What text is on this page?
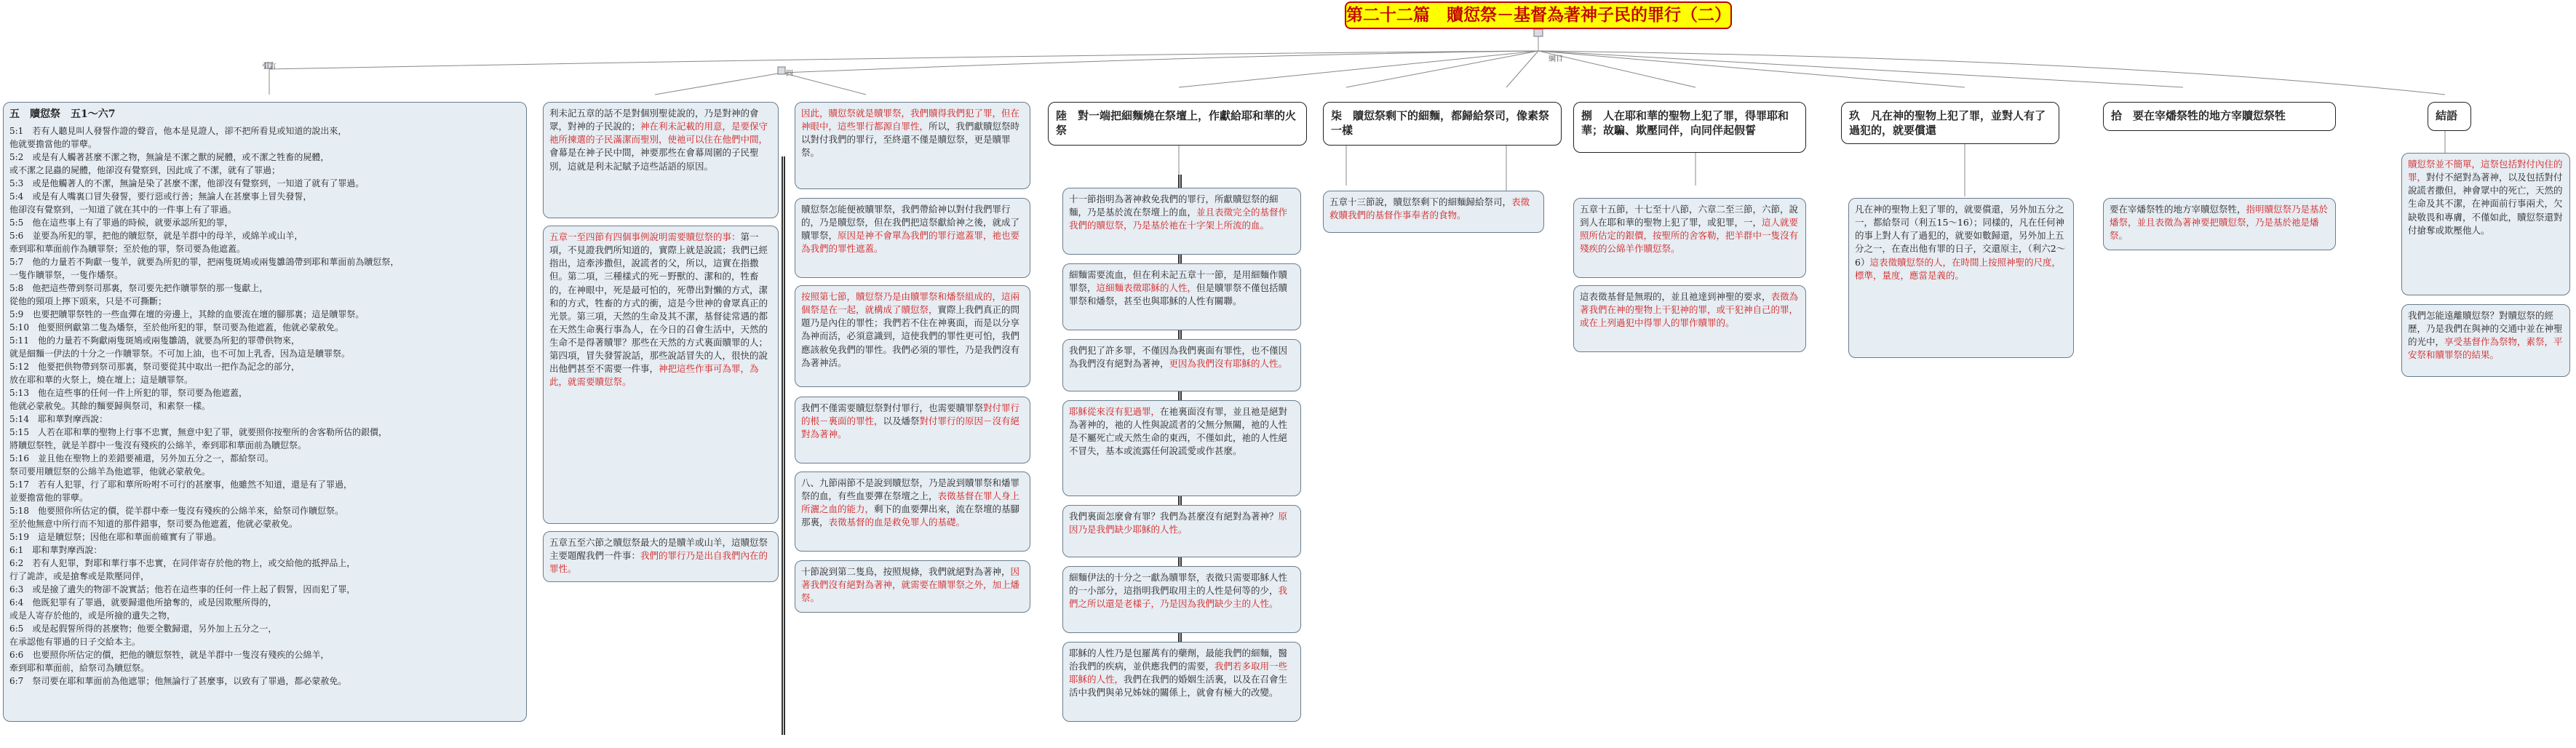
第二十二篇　贖愆祭－基督為著神子民的罪行（二）
引言
綱目
四
五　贖愆祭　五1～六7
5:1　若有人聽見叫人發誓作證的聲音，他本是見證人，卻不把所看見或知道的說出來，
他就要擔當他的罪孽。
5:2　或是有人觸著甚麼不潔之物，無論是不潔之獸的屍體，或不潔之牲畜的屍體，
或不潔之昆蟲的屍體，他卻沒有覺察到，因此成了不潔，就有了罪過；
5:3　或是他觸著人的不潔，無論是染了甚麼不潔，他卻沒有覺察到，一知道了就有了罪過。
5:4　或是有人嘴裏口冒失發誓，要行惡或行善；無論人在甚麼事上冒失發誓，
他卻沒有覺察到，一知道了就在其中的一件事上有了罪過。
5:5　他在這些事上有了罪過的時候，就要承認所犯的罪，
5:6　並要為所犯的罪，把他的贖愆祭，就是羊群中的母羊，或綿羊或山羊，
牽到耶和華面前作為贖罪祭；至於他的罪，祭司要為他遮蓋。
5:7　他的力量若不夠獻一隻羊，就要為所犯的罪，把兩隻斑鳩或兩隻雛鴿帶到耶和華面前為贖愆祭，
一隻作贖罪祭，一隻作燔祭。
5:8　他把這些帶到祭司那裏，祭司要先把作贖罪祭的那一隻獻上，
從他的頸項上擰下頭來，只是不可撕斷；
5:9　也要把贖罪祭牲的一些血彈在壇的旁邊上，其餘的血要流在壇的腳那裏；這是贖罪祭。
5:10　他要照例獻第二隻為燔祭，至於他所犯的罪，祭司要為他遮蓋，他就必蒙赦免。
5:11　他的力量若不夠獻兩隻斑鳩或兩隻雛鴿，就要為所犯的罪帶供物來，
就是細麵一伊法的十分之一作贖罪祭。不可加上油，也不可加上乳香，因為這是贖罪祭。
5:12　他要把供物帶到祭司那裏，祭司要從其中取出一把作為記念的部分，
放在耶和華的火祭上，燒在壇上；這是贖罪祭。
5:13　他在這些事的任何一件上所犯的罪，祭司要為他遮蓋，
他就必蒙赦免。其餘的麵要歸與祭司，和素祭一樣。
5:14　耶和華對摩西說：
5:15　人若在耶和華的聖物上行事不忠實，無意中犯了罪，就要照你按聖所的舍客勒所估的銀價，
將贖愆祭牲，就是羊群中一隻沒有殘疾的公綿羊，牽到耶和華面前為贖愆祭。
5:16　並且他在聖物上的差錯要補還，另外加五分之一，都給祭司。
祭司要用贖愆祭的公綿羊為他遮罪，他就必蒙赦免。
5:17　若有人犯罪，行了耶和華所吩咐不可行的甚麼事，他雖然不知道，還是有了罪過，
並要擔當他的罪孽。
5:18　他要照你所估定的價，從羊群中牽一隻沒有殘疾的公綿羊來，給祭司作贖愆祭。
至於他無意中所行而不知道的那件錯事，祭司要為他遮蓋，他就必蒙赦免。
5:19　這是贖愆祭；因他在耶和華面前確實有了罪過。
6:1　耶和華對摩西說：
6:2　若有人犯罪，對耶和華行事不忠實，在同伴寄存於他的物上，或交給他的抵押品上，
行了詭詐，或是搶奪或是欺壓同伴，
6:3　或是撿了遺失的物卻不說實話；他若在這些事的任何一件上起了假誓，因而犯了罪，
6:4　他既犯罪有了罪過，就要歸還他所搶奪的，或是因欺壓所得的，
或是人寄存於他的，或是所撿的遺失之物，
6:5　或是起假誓所得的甚麼物；他要全數歸還，另外加上五分之一，
在承認他有罪過的日子交給本主。
6:6　也要照你所估定的價，把他的贖愆祭牲，就是羊群中一隻沒有殘疾的公綿羊，
牽到耶和華面前，給祭司為贖愆祭。
6:7　祭司要在耶和華面前為他遮罪；他無論行了甚麼事，以致有了罪過，都必蒙赦免。
陸　對一端把細麵燒在祭壇上，作獻給耶和華的火祭
柒　贖愆祭剩下的細麵，都歸給祭司，像素祭一樣
捌　人在耶和華的聖物上犯了罪，得罪耶和華；故騙、欺壓同伴，向同伴起假誓
玖　凡在神的聖物上犯了罪，並對人有了過犯的，就要償還
拾　要在宰燔祭牲的地方宰贖愆祭牲	結語
利未記五章的話不是對個別聖徒說的，乃是對神的會眾，對神的子民說的；神在利未記載的用意，是要保守祂所揀選的子民滿潔而聖別，使祂可以住在他們中間，會幕是在神子民中間，神要那些在會幕周圍的子民聖別，這就是利未記賦予這些話語的原因。
五章一至四節有四個事例說明需要贖愆祭的事：第一項，不見證我們所知道的，實際上就是說謊；我們已經指出，這牽涉撒但，說謊者的父，所以，這實在指撒但。第二項，三種樣式的死－野獸的、潔和的，牲畜的，在神眼中，死是最可怕的，死帶出對懶的方式，潔和的方式，牲畜的方式的衝，這是今世神的會眾真正的光景。第三項，天然的生命及其不潔，基督徒常遇的都在天然生命裏行事為人，在今日的召會生活中，天然的生命不是得著贖罪？那些在天然的方式裏面贖罪的人；第四項，冒失發誓說話，那些說話冒失的人，很快的說出他們甚至不需要一件事，神把這些作事可為罪，為此，就需要贖愆祭。
五章五至六節之贖愆祭最大的是贖羊或山羊，這贖愆祭主要題醒我們一件事：我們的罪行乃是出自我們內在的罪性。
因此，贖愆祭就是贖罪祭，我們贖得我們犯了罪，但在神眼中，這些罪行都源自罪性，所以，我們獻贖愆祭時以對付我們的罪行，至終還不僅是贖愆祭，更是贖罪祭。
贖愆祭怎能便被贖罪祭，我們帶給神以對付我們罪行的，乃是贖愆祭，但在我們把這祭獻給神之後，就成了贖罪祭，原因是神不會單為我們的罪行遮蓋罪，祂也要為我們的罪性遮蓋。
按照第七節，贖愆祭乃是由贖罪祭和燔祭組成的，這兩個祭是在一起，就構成了贖愆祭，實際上我們真正的問題乃是內住的罪性；我們若不住在神裏面，而是以分享為神而活，必須意識到，這使我們的罪性更可怕，我們應該赦免我們的罪性。我們必須的罪性，乃是我們沒有為著神活。
我們不僅需要贖愆祭對付罪行，也需要贖罪祭對付罪行的根－裏面的罪性，以及燔祭對付罪行的原因－沒有絕對為著神。
八、九節兩節不是說到贖愆祭，乃是說到贖罪祭和燔罪祭的血，有些血要彈在祭壇之上，表徵基督在罪人身上所灑之血的能力，剩下的血要彈出來，流在祭壇的基腳那裏，表徵基督的血是救免罪人的基礎。
十節說到第二隻鳥，按照規條，我們就絕對為著神，因著我們沒有絕對為著神，就需要在贖罪祭之外，加上燔祭。
十一節指明為著神救免我們的罪行，所獻贖愆祭的細麵，乃是基於流在祭壇上的血，並且表徵完全的基督作我們的贖愆祭，乃是基於祂在十字架上所流的血。
細麵需要流血，但在利未記五章十一節，是用細麵作贖罪祭，這細麵表徵耶穌的人性，但是贖罪祭不僅包括贖罪祭和燔祭，甚至也與耶穌的人性有關聯。
我們犯了許多罪，不僅因為我們裏面有罪性，也不僅因為我們沒有絕對為著神，更因為我們沒有耶穌的人性。
耶穌從來沒有犯過罪，在祂裏面沒有罪，並且祂是絕對為著神的，祂的人性與說謊者的父無分無關，祂的人性是不屬死亡或天然生命的東西，不僅如此，祂的人性絕不冒失，基本或流露任何說謊愛或作甚麼。
我們裏面怎麼會有罪？我們為甚麼沒有絕對為著神？原因乃是我們缺少耶穌的人性。
細麵伊法的十分之一獻為贖罪祭，表徵只需要耶穌人性的一小部分，這指明我們取用主的人性是何等的少，我們之所以還是老樣子，乃是因為我們缺少主的人性。
耶穌的人性乃是包羅萬有的藥劑，最能我們的細麵，醫治我們的疾病，並供應我們的需要，我們若多取用一些耶穌的人性，我們在我們的婚姻生活裏，以及在召會生活中我們與弟兄姊妹的關係上，就會有極大的改變。
五章十三節說，贖愆祭剩下的細麵歸給祭司，表徵救贖我們的基督作事奉者的食物。
五章十五節，十七至十八節，六章二至三節，六節，說到人在耶和華的聖物上犯了罪，或犯罪，一，這人就要照所估定的銀價，按聖所的舍客勒，把羊群中一隻沒有殘疾的公綿羊作贖愆祭。
這表徵基督是無瑕的，並且祂達到神聖的要求，表徵為著我們在神的聖物上干犯神的罪，或干犯神自己的罪，或在上列過犯中得罪人的罪作贖罪的。
凡在神的聖物上犯了罪的，就要償還，另外加五分之一，都給祭司（利五15～16）；同樣的，凡在任何神的事上對人有了過犯的，就要如數歸還，另外加上五分之一，在查出他有罪的日子，交還原主，（利六2～6）這表徵贖愆祭的人，在時間上按照神聖的尺度，標準，量度，應當是義的。
要在宰燔祭牲的地方宰贖愆祭牲，指明贖愆祭乃是基於燔祭，並且表徵為著神要把贖愆祭，乃是基於祂是燔祭。
贖愆祭並不簡單，這祭包括對付內住的罪，對付不絕對為著神，以及包括對付說謊者撒但，神會眾中的死亡，天然的生命及其不潔，在神面前行事兩犬，欠缺敬畏和專膚，不僅如此，贖愆祭還對付搶奪或欺壓他人。
我們怎能遠離贖愆祭？對贖愆祭的經歷，乃是我們在與神的交通中並在神聖的光中，享受基督作為祭物，素祭，平安祭和贖罪祭的結果。
